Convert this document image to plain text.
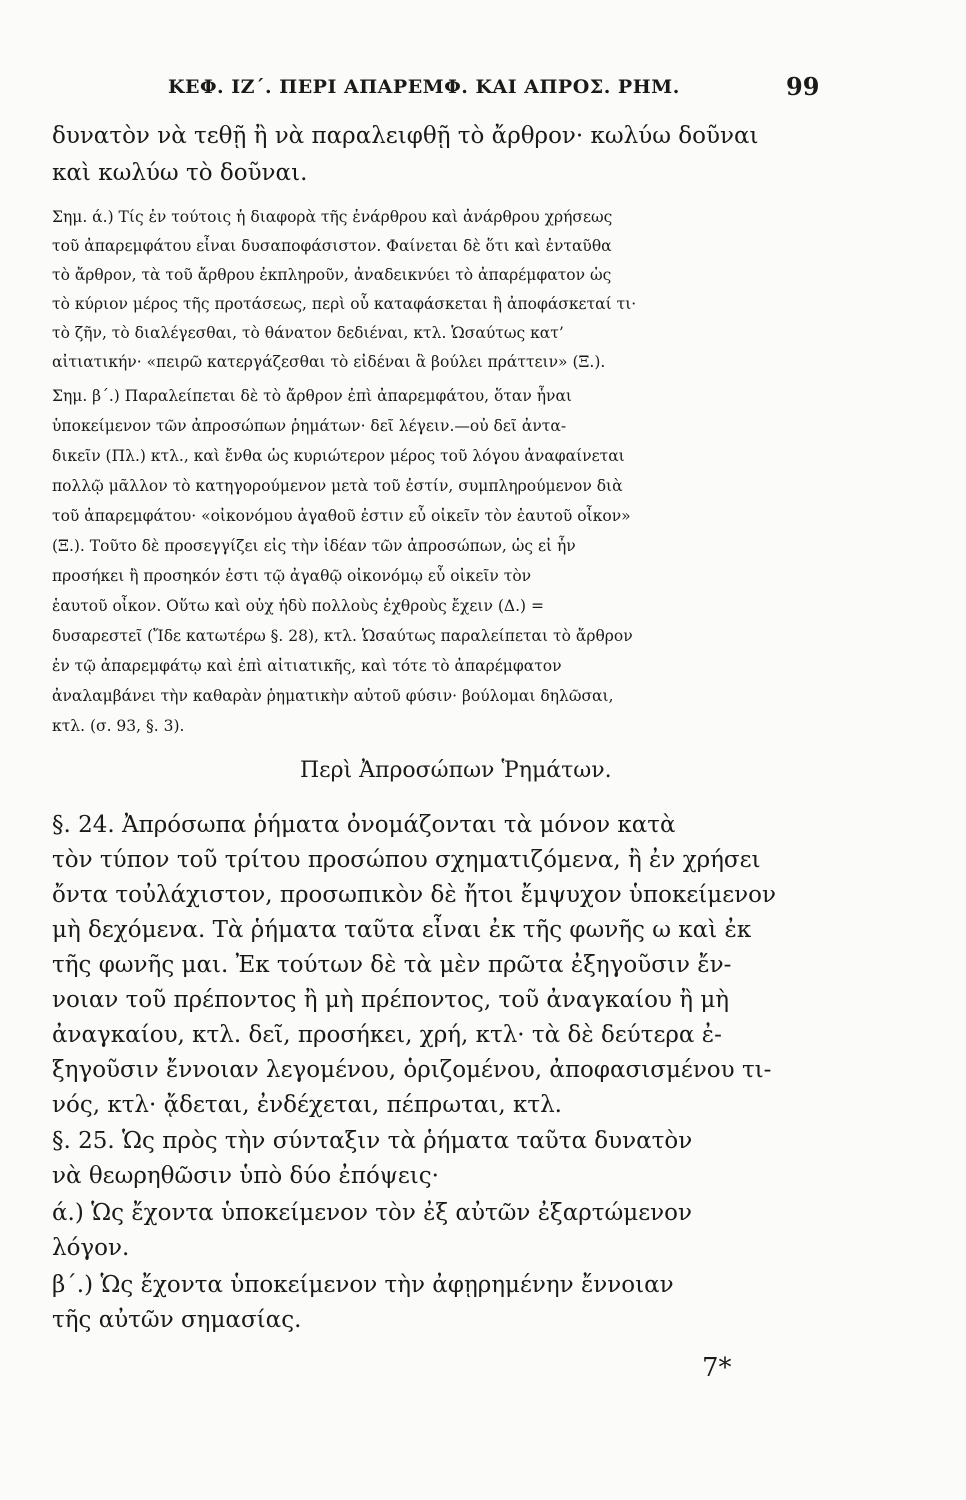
ΚΕΦ. ΙΖ΄. ΠΕΡΙ ΑΠΑΡΕΜΦ. ΚΑΙ ΑΠΡΟΣ. ΡΗΜ.	99
δυνατὸν νὰ τεθῇ ἢ νὰ παραλειφθῇ τὸ ἄρθρον· κωλύω δοῦναι
καὶ κωλύω τὸ δοῦναι.
Σημ. ά.) Τίς ἐν τούτοις ἡ διαφορὰ τῆς ἐνάρθρου καὶ ἀνάρθρου χρήσεως
τοῦ ἀπαρεμφάτου εἶναι δυσαποφάσιστον. Φαίνεται δὲ ὅτι καὶ ἐνταῦθα
τὸ ἄρθρον, τὰ τοῦ ἄρθρου ἐκπληροῦν, ἀναδεικνύει τὸ ἀπαρέμφατον ὡς
τὸ κύριον μέρος τῆς προτάσεως, περὶ οὗ καταφάσκεται ἢ ἀποφάσκεταί τι·
τὸ ζῆν, τὸ διαλέγεσθαι, τὸ θάνατον δεδιέναι, κτλ. Ὡσαύτως κατ’
αἰτιατικήν· «πειρῶ κατεργάζεσθαι τὸ εἰδέναι ἃ βούλει πράττειν» (Ξ.).
Σημ. β΄.) Παραλείπεται δὲ τὸ ἄρθρον ἐπὶ ἀπαρεμφάτου, ὅταν ἦναι
ὑποκείμενον τῶν ἀπροσώπων ῥημάτων· δεῖ λέγειν.—οὐ δεῖ ἀντα-
δικεῖν (Πλ.) κτλ., καὶ ἔνθα ὡς κυριώτερον μέρος τοῦ λόγου ἀναφαίνεται
πολλῷ μᾶλλον τὸ κατηγορούμενον μετὰ τοῦ ἐστίν, συμπληρούμενον διὰ
τοῦ ἀπαρεμφάτου· «οἰκονόμου ἀγαθοῦ ἐστιν εὖ οἰκεῖν τὸν ἑαυτοῦ οἶκον»
(Ξ.). Τοῦτο δὲ προσεγγίζει εἰς τὴν ἰδέαν τῶν ἀπροσώπων, ὡς εἰ ἦν
προσήκει ἢ προσηκόν ἐστι τῷ ἀγαθῷ οἰκονόμῳ εὖ οἰκεῖν τὸν
ἑαυτοῦ οἶκον. Οὕτω καὶ οὐχ ἡδὺ πολλοὺς ἐχθροὺς ἔχειν (Δ.) =
δυσαρεστεῖ (Ἴδε κατωτέρω §. 28), κτλ. Ὡσαύτως παραλείπεται τὸ ἄρθρον
ἐν τῷ ἀπαρεμφάτῳ καὶ ἐπὶ αἰτιατικῆς, καὶ τότε τὸ ἀπαρέμφατον
ἀναλαμβάνει τὴν καθαρὰν ῥηματικὴν αὐτοῦ φύσιν· βούλομαι δηλῶσαι,
κτλ. (σ. 93, §. 3).
Περὶ Ἀπροσώπων Ῥημάτων.
§. 24. Ἀπρόσωπα ῥήματα ὀνομάζονται τὰ μόνον κατὰ
τὸν τύπον τοῦ τρίτου προσώπου σχηματιζόμενα, ἢ ἐν χρήσει
ὄντα τοὐλάχιστον, προσωπικὸν δὲ ἤτοι ἔμψυχον ὑποκείμενον
μὴ δεχόμενα. Τὰ ῥήματα ταῦτα εἶναι ἐκ τῆς φωνῆς ω καὶ ἐκ
τῆς φωνῆς μαι. Ἐκ τούτων δὲ τὰ μὲν πρῶτα ἐξηγοῦσιν ἔν-
νοιαν τοῦ πρέποντος ἢ μὴ πρέποντος, τοῦ ἀναγκαίου ἢ μὴ
ἀναγκαίου, κτλ. δεῖ, προσήκει, χρή, κτλ· τὰ δὲ δεύτερα ἐ-
ξηγοῦσιν ἔννοιαν λεγομένου, ὁριζομένου, ἀποφασισμένου τι-
νός, κτλ· ᾄδεται, ἐνδέχεται, πέπρωται, κτλ.
§. 25. Ὡς πρὸς τὴν σύνταξιν τὰ ῥήματα ταῦτα δυνατὸν
νὰ θεωρηθῶσιν ὑπὸ δύο ἐπόψεις·
ά.) Ὡς ἔχοντα ὑποκείμενον τὸν ἐξ αὐτῶν ἐξαρτώμενον
λόγον.
β΄.) Ὡς ἔχοντα ὑποκείμενον τὴν ἀφῃρημένην ἔννοιαν
τῆς αὐτῶν σημασίας.
7*
